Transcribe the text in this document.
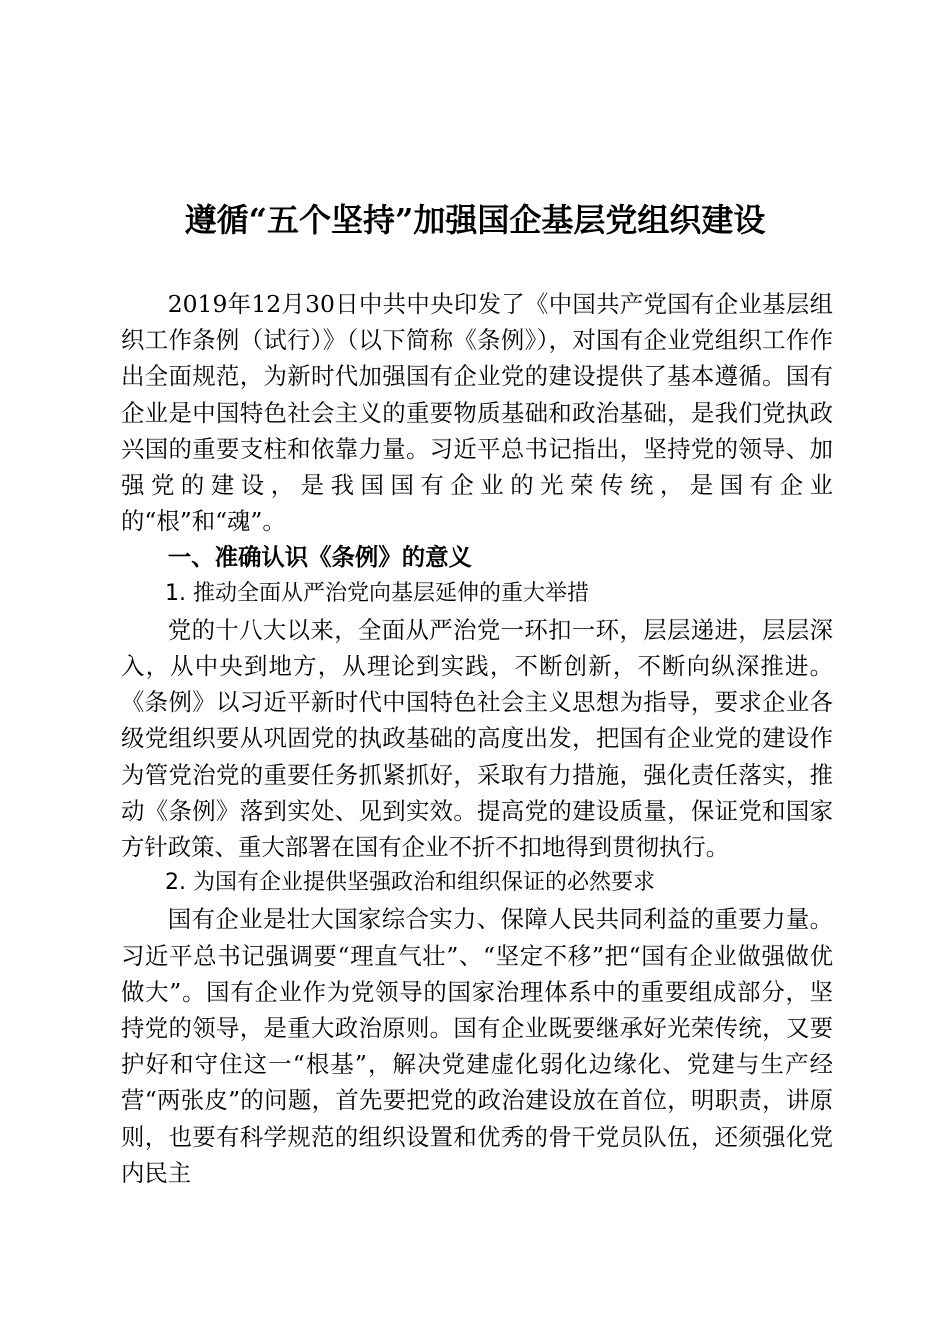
遵循“五个坚持”加强国企基层党组织建设

2019年12月30日中共中央印发了《中国共产党国有企业基层组织工作条例（试行）》（以下简称《条例》），对国有企业党组织工作作出全面规范，为新时代加强国有企业党的建设提供了基本遵循。国有企业是中国特色社会主义的重要物质基础和政治基础，是我们党执政兴国的重要支柱和依靠力量。习近平总书记指出，坚持党的领导、加强党的建设，是我国国有企业的光荣传统，是国有企业的“根”和“魂”。

一、准确认识《条例》的意义

1. 推动全面从严治党向基层延伸的重大举措

党的十八大以来，全面从严治党一环扣一环，层层递进，层层深入，从中央到地方，从理论到实践，不断创新，不断向纵深推进。《条例》以习近平新时代中国特色社会主义思想为指导，要求企业各级党组织要从巩固党的执政基础的高度出发，把国有企业党的建设作为管党治党的重要任务抓紧抓好，采取有力措施，强化责任落实，推动《条例》落到实处、见到实效。提高党的建设质量，保证党和国家方针政策、重大部署在国有企业不折不扣地得到贯彻执行。

2. 为国有企业提供坚强政治和组织保证的必然要求

国有企业是壮大国家综合实力、保障人民共同利益的重要力量。习近平总书记强调要“理直气壮”、“坚定不移”把“国有企业做强做优做大”。国有企业作为党领导的国家治理体系中的重要组成部分，坚持党的领导，是重大政治原则。国有企业既要继承好光荣传统，又要护好和守住这一“根基”，解决党建虚化弱化边缘化、党建与生产经营“两张皮”的问题，首先要把党的政治建设放在首位，明职责，讲原则，也要有科学规范的组织设置和优秀的骨干党员队伍，还须强化党内民主
